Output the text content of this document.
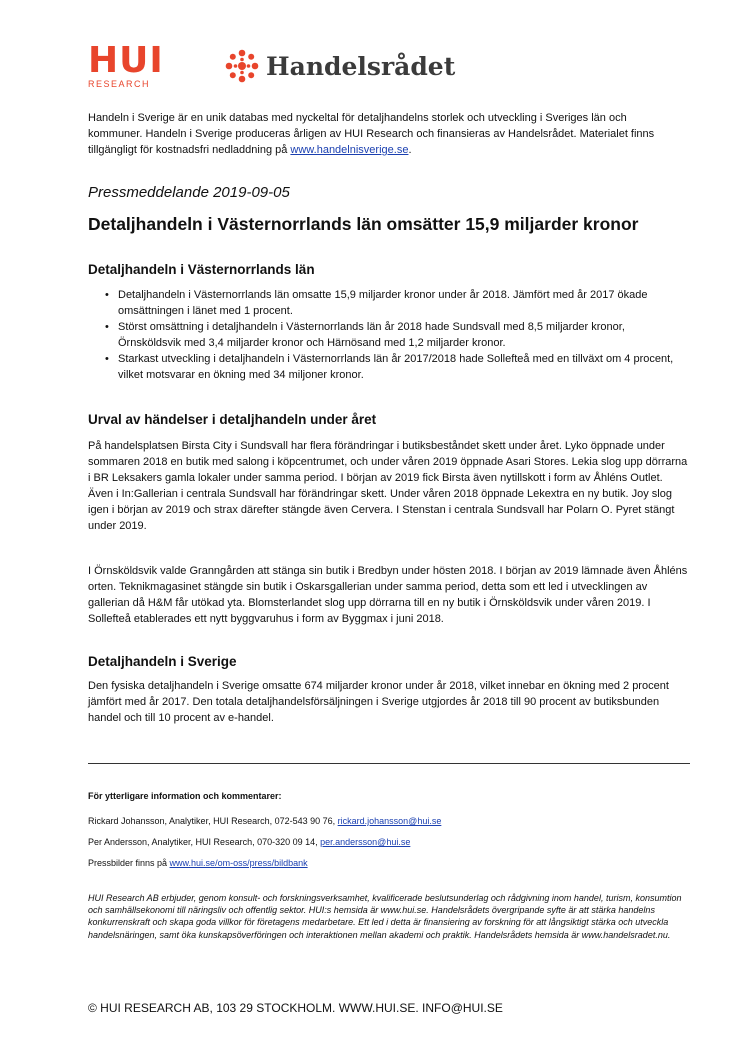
HUI
RESEARCH
Handelsrådet

Handeln i Sverige är en unik databas med nyckeltal för detaljhandelns storlek och utveckling i Sveriges län och kommuner. Handeln i Sverige produceras årligen av HUI Research och finansieras av Handelsrådet. Materialet finns tillgängligt för kostnadsfri nedladdning på www.handelnisverige.se.

Pressmeddelande 2019-09-05
Detaljhandeln i Västernorrlands län omsätter 15,9 miljarder kronor
Detaljhandeln i Västernorrlands län
• Detaljhandeln i Västernorrlands län omsatte 15,9 miljarder kronor under år 2018. Jämfört med år 2017 ökade omsättningen i länet med 1 procent.
• Störst omsättning i detaljhandeln i Västernorrlands län år 2018 hade Sundsvall med 8,5 miljarder kronor, Örnsköldsvik med 3,4 miljarder kronor och Härnösand med 1,2 miljarder kronor.
• Starkast utveckling i detaljhandeln i Västernorrlands län år 2017/2018 hade Sollefteå med en tillväxt om 4 procent, vilket motsvarar en ökning med 34 miljoner kronor.
Urval av händelser i detaljhandeln under året

På handelsplatsen Birsta City i Sundsvall har flera förändringar i butiksbeståndet skett under året. Lyko öppnade under sommaren 2018 en butik med salong i köpcentrumet, och under våren 2019 öppnade Asari Stores. Lekia slog upp dörrarna i BR Leksakers gamla lokaler under samma period. I början av 2019 fick Birsta även nytillskott i form av Åhléns Outlet. Även i In:Gallerian i centrala Sundsvall har förändringar skett. Under våren 2018 öppnade Lekextra en ny butik. Joy slog igen i början av 2019 och strax därefter stängde även Cervera. I Stenstan i centrala Sundsvall har Polarn O. Pyret stängt under 2019.

I Örnsköldsvik valde Granngården att stänga sin butik i Bredbyn under hösten 2018. I början av 2019 lämnade även Åhléns orten. Teknikmagasinet stängde sin butik i Oskarsgallerian under samma period, detta som ett led i utvecklingen av gallerian då H&M får utökad yta. Blomsterlandet slog upp dörrarna till en ny butik i Örnsköldsvik under våren 2019. I Sollefteå etablerades ett nytt byggvaruhus i form av Byggmax i juni 2018.

Detaljhandeln i Sverige

Den fysiska detaljhandeln i Sverige omsatte 674 miljarder kronor under år 2018, vilket innebar en ökning med 2 procent jämfört med år 2017. Den totala detaljhandelsförsäljningen i Sverige utgjordes år 2018 till 90 procent av butiksbunden handel och till 10 procent av e-handel.

För ytterligare information och kommentarer:
Rickard Johansson, Analytiker, HUI Research, 072-543 90 76, rickard.johansson@hui.se
Per Andersson, Analytiker, HUI Research, 070-320 09 14, per.andersson@hui.se
Pressbilder finns på www.hui.se/om-oss/press/bildbank

HUI Research AB erbjuder, genom konsult- och forskningsverksamhet, kvalificerade beslutsunderlag och rådgivning inom handel, turism, konsumtion och samhällsekonomi till näringsliv och offentlig sektor. HUI:s hemsida är www.hui.se. Handelsrådets övergripande syfte är att stärka handelns konkurrenskraft och skapa goda villkor för företagens medarbetare. Ett led i detta är finansiering av forskning för att långsiktigt stärka och utveckla handelsnäringen, samt öka kunskapsöverföringen och interaktionen mellan akademi och praktik. Handelsrådets hemsida är www.handelsradet.nu.

© HUI RESEARCH AB, 103 29 STOCKHOLM. WWW.HUI.SE. INFO@HUI.SE
